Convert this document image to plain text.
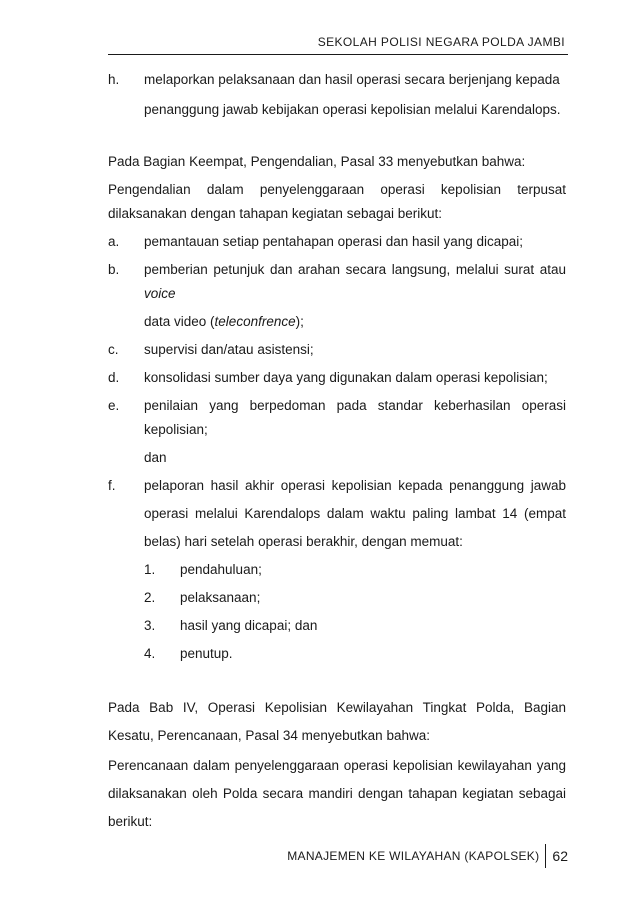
SEKOLAH POLISI NEGARA POLDA JAMBI
h.	melaporkan pelaksanaan dan hasil operasi secara berjenjang kepada
penanggung jawab kebijakan operasi kepolisian melalui Karendalops.
Pada Bagian Keempat, Pengendalian, Pasal 33 menyebutkan bahwa:
Pengendalian dalam penyelenggaraan operasi kepolisian terpusat dilaksanakan dengan tahapan kegiatan sebagai berikut:
a.	pemantauan setiap pentahapan operasi dan hasil yang dicapai;
b.	pemberian petunjuk dan arahan secara langsung, melalui surat atau voice
data video (teleconfrence);
c.	supervisi dan/atau asistensi;
d.	konsolidasi sumber daya yang digunakan dalam operasi kepolisian;
e.	penilaian yang berpedoman pada standar keberhasilan operasi kepolisian;
dan
f.	pelaporan hasil akhir operasi kepolisian kepada penanggung jawab operasi melalui Karendalops dalam waktu paling lambat 14 (empat belas) hari setelah operasi berakhir, dengan memuat:
1.	pendahuluan;
2.	pelaksanaan;
3.	hasil yang dicapai; dan
4.	penutup.
Pada Bab IV, Operasi Kepolisian Kewilayahan Tingkat Polda, Bagian Kesatu, Perencanaan, Pasal 34 menyebutkan bahwa:
Perencanaan dalam penyelenggaraan operasi kepolisian kewilayahan yang dilaksanakan oleh Polda secara mandiri dengan tahapan kegiatan sebagai berikut:
MANAJEMEN KE WILAYAHAN (KAPOLSEK) 62
